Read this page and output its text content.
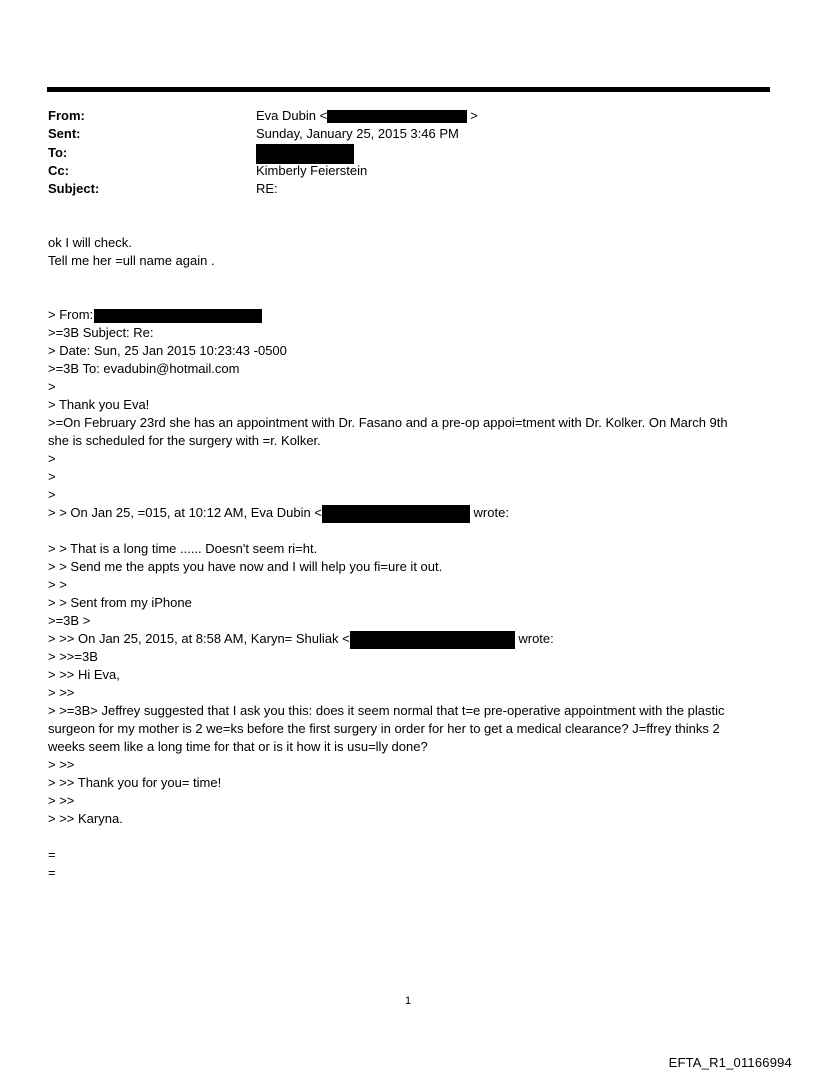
From:	Eva Dubin <	>
Sent:	Sunday, January 25, 2015 3:46 PM
To:
Cc:	Kimberly Feierstein
Subject:	RE:
ok I will check.
Tell me her =ull name again .
> From:
>=3B Subject: Re:
> Date: Sun, 25 Jan 2015 10:23:43 -0500
>=3B To: evadubin@hotmail.com
>
> Thank you Eva!
>=On February 23rd she has an appointment with Dr. Fasano and a pre-op appoi=tment with Dr. Kolker. On March 9th
she is scheduled for the surgery with =r. Kolker.
>
>
>
> > On Jan 25, =015, at 10:12 AM, Eva Dubin <	wrote:
> > That is a long time ...... Doesn't seem ri=ht.
> > Send me the appts you have now and I will help you fi=ure it out.
> >
> > Sent from my iPhone
>=3B >
> >> On Jan 25, 2015, at 8:58 AM, Karyn= Shuliak <	wrote:
> >>=3B
> >> Hi Eva,
> >>
> >=3B> Jeffrey suggested that I ask you this: does it seem normal that t=e pre-operative appointment with the plastic
surgeon for my mother is 2 we=ks before the first surgery in order for her to get a medical clearance? J=ffrey thinks 2
weeks seem like a long time for that or is it how it is usu=lly done?
> >>
> >> Thank you for you= time!
> >>
> >> Karyna.
=
=
1
EFTA_R1_01166994
